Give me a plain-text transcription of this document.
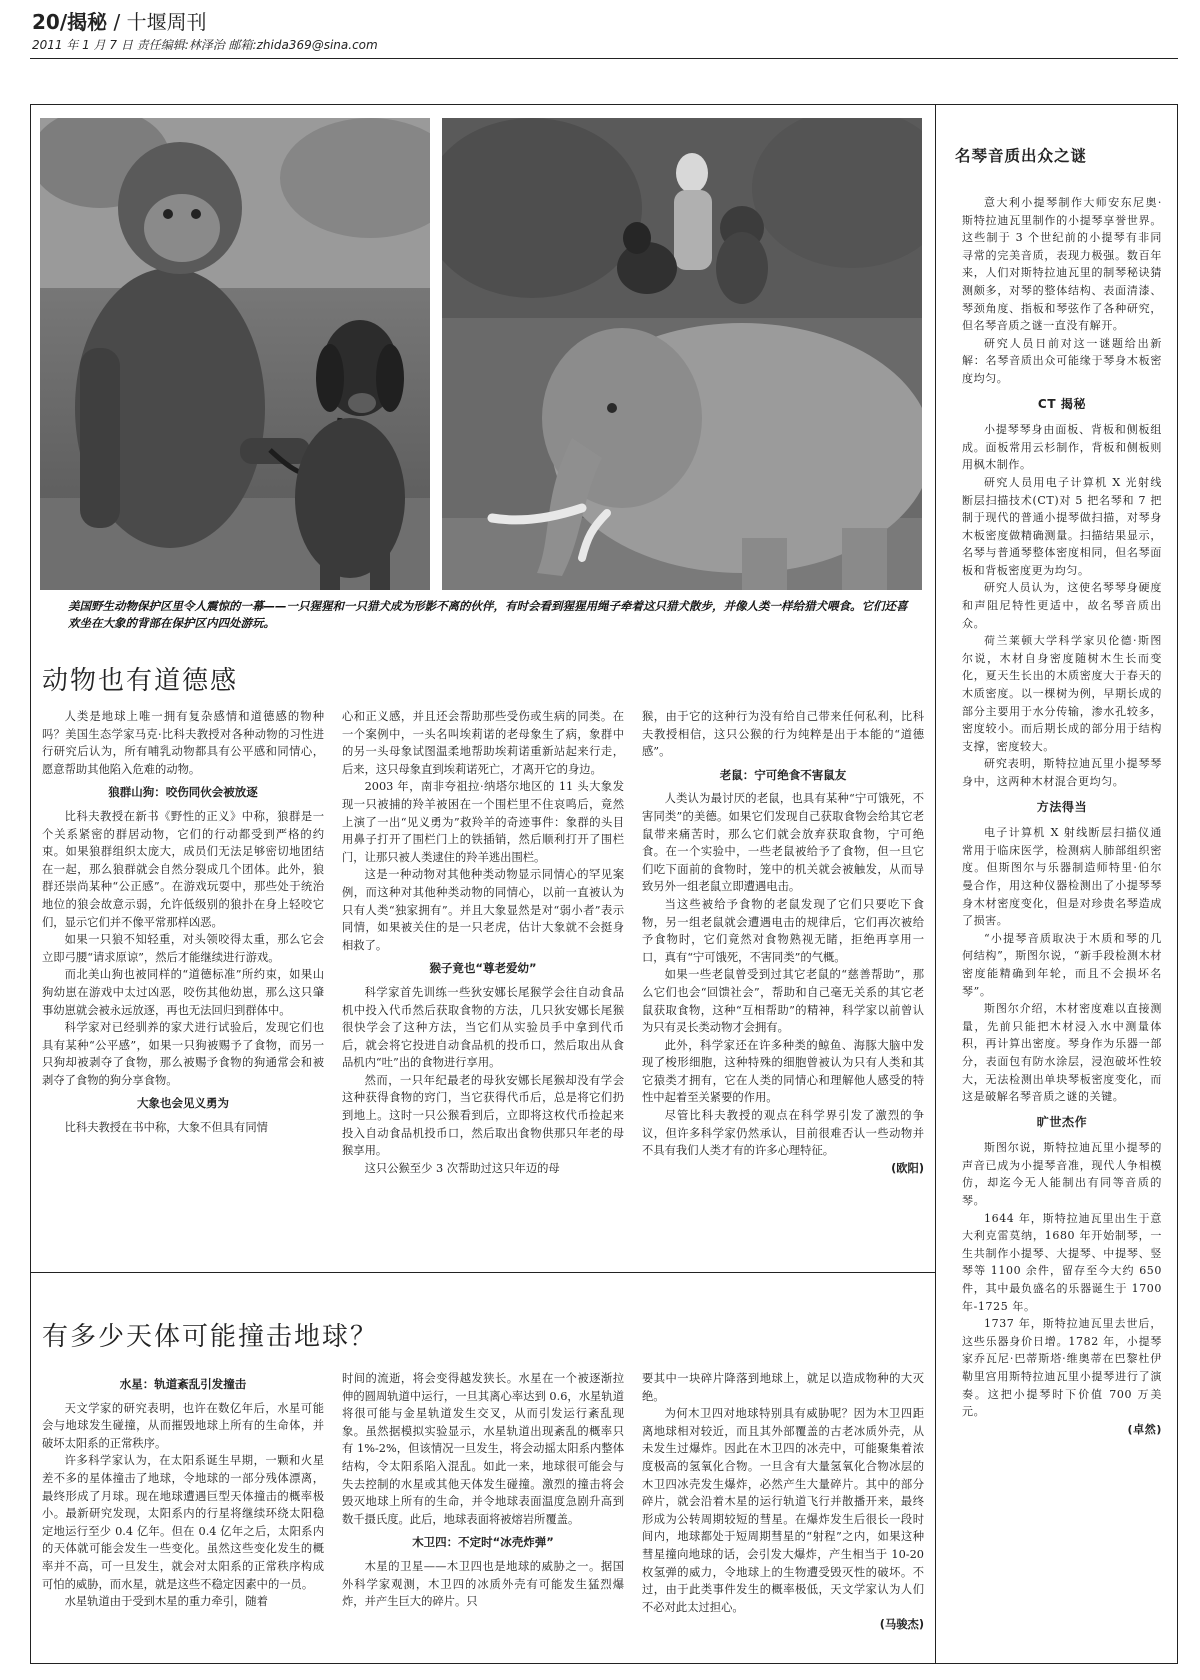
20/揭秘 / 十堰周刊
2011 年 1 月 7 日 责任编辑:林泽治 邮箱:zhida369@sina.com
美国野生动物保护区里令人震惊的一幕——一只猩猩和一只猎犬成为形影不离的伙伴，有时会看到猩猩用绳子牵着这只猎犬散步，并像人类一样给猎犬喂食。它们还喜欢坐在大象的背部在保护区内四处游玩。
动物也有道德感

人类是地球上唯一拥有复杂感情和道德感的物种吗？美国生态学家马克·比科夫教授对各种动物的习性进行研究后认为，所有哺乳动物都具有公平感和同情心，愿意帮助其他陷入危难的动物。

狼群山狗：咬伤同伙会被放逐

比科夫教授在新书《野性的正义》中称，狼群是一个关系紧密的群居动物，它们的行动都受到严格的约束。如果狼群组织太庞大，成员们无法足够密切地团结在一起，那么狼群就会自然分裂成几个团体。此外，狼群还崇尚某种“公正感”。在游戏玩耍中，那些处于统治地位的狼会故意示弱，允许低级别的狼扑在身上轻咬它们，显示它们并不像平常那样凶恶。

如果一只狼不知轻重，对头领咬得太重，那么它会立即弓腰“请求原谅”，然后才能继续进行游戏。

而北美山狗也被同样的“道德标准”所约束，如果山狗幼崽在游戏中太过凶恶，咬伤其他幼崽，那么这只肇事幼崽就会被永远放逐，再也无法回归到群体中。

科学家对已经驯养的家犬进行试验后，发现它们也具有某种“公平感”，如果一只狗被赐予了食物，而另一只狗却被剥夺了食物，那么被赐予食物的狗通常会和被剥夺了食物的狗分享食物。

大象也会见义勇为

比科夫教授在书中称，大象不但具有同情

心和正义感，并且还会帮助那些受伤或生病的同类。在一个案例中，一头名叫埃莉诺的老母象生了病，象群中的另一头母象试图温柔地帮助埃莉诺重新站起来行走，后来，这只母象直到埃莉诺死亡，才离开它的身边。

2003 年，南非夸祖拉·纳塔尔地区的 11 头大象发现一只被捕的羚羊被困在一个围栏里不住哀鸣后，竟然上演了一出“见义勇为”救羚羊的奇迹事件：象群的头目用鼻子打开了围栏门上的铁插销，然后顺利打开了围栏门，让那只被人类逮住的羚羊逃出围栏。

这是一种动物对其他种类动物显示同情心的罕见案例，而这种对其他种类动物的同情心，以前一直被认为只有人类“独家拥有”。并且大象显然是对“弱小者”表示同情，如果被关住的是一只老虎，估计大象就不会挺身相救了。

猴子竟也“尊老爱幼”

科学家首先训练一些狄安娜长尾猴学会往自动食品机中投入代币然后获取食物的方法，几只狄安娜长尾猴很快学会了这种方法，当它们从实验员手中拿到代币后，就会将它投进自动食品机的投币口，然后取出从食品机内“吐”出的食物进行享用。

然而，一只年纪最老的母狄安娜长尾猴却没有学会这种获得食物的窍门，当它获得代币后，总是将它们扔到地上。这时一只公猴看到后，立即将这枚代币捡起来投入自动食品机投币口，然后取出食物供那只年老的母猴享用。

这只公猴至少 3 次帮助过这只年迈的母

猴，由于它的这种行为没有给自己带来任何私利，比科夫教授相信，这只公猴的行为纯粹是出于本能的“道德感”。

老鼠：宁可绝食不害鼠友

人类认为最讨厌的老鼠，也具有某种“宁可饿死，不害同类”的美德。如果它们发现自己获取食物会给其它老鼠带来痛苦时，那么它们就会放弃获取食物，宁可绝食。在一个实验中，一些老鼠被给予了食物，但一旦它们吃下面前的食物时，笼中的机关就会被触发，从而导致另外一组老鼠立即遭遇电击。

当这些被给予食物的老鼠发现了它们只要吃下食物，另一组老鼠就会遭遇电击的规律后，它们再次被给予食物时，它们竟然对食物熟视无睹，拒绝再享用一口，真有“宁可饿死，不害同类”的气概。

如果一些老鼠曾受到过其它老鼠的“慈善帮助”，那么它们也会“回馈社会”，帮助和自己毫无关系的其它老鼠获取食物，这种“互相帮助”的精神，科学家以前曾认为只有灵长类动物才会拥有。

此外，科学家还在许多种类的鲸鱼、海豚大脑中发现了梭形细胞，这种特殊的细胞曾被认为只有人类和其它猿类才拥有，它在人类的同情心和理解他人感受的特性中起着至关紧要的作用。

尽管比科夫教授的观点在科学界引发了激烈的争议，但许多科学家仍然承认，目前很难否认一些动物并不具有我们人类才有的许多心理特征。

(欧阳)
有多少天体可能撞击地球？
水星：轨道紊乱引发撞击

天文学家的研究表明，也许在数亿年后，水星可能会与地球发生碰撞，从而摧毁地球上所有的生命体，并破坏太阳系的正常秩序。

许多科学家认为，在太阳系诞生早期，一颗和火星差不多的星体撞击了地球，令地球的一部分残体漂离，最终形成了月球。现在地球遭遇巨型天体撞击的概率极小。最新研究发现，太阳系内的行星将继续环绕太阳稳定地运行至少 0.4 亿年。但在 0.4 亿年之后，太阳系内的天体就可能会发生一些变化。虽然这些变化发生的概率并不高，可一旦发生，就会对太阳系的正常秩序构成可怕的威胁，而水星，就是这些不稳定因素中的一员。

水星轨道由于受到木星的重力牵引，随着

时间的流逝，将会变得越发狭长。水星在一个被逐渐拉伸的圆周轨道中运行，一旦其离心率达到 0.6，水星轨道将很可能与金星轨道发生交叉，从而引发运行紊乱现象。虽然据模拟实验显示，水星轨道出现紊乱的概率只有 1%-2%，但该情况一旦发生，将会动摇太阳系内整体结构，令太阳系陷入混乱。如此一来，地球很可能会与失去控制的水星或其他天体发生碰撞。激烈的撞击将会毁灭地球上所有的生命，并令地球表面温度急剧升高到数千摄氏度。此后，地球表面将被熔岩所覆盖。

木卫四：不定时“冰壳炸弹”

木星的卫星——木卫四也是地球的威胁之一。据国外科学家观测，木卫四的冰质外壳有可能发生猛烈爆炸，并产生巨大的碎片。只

要其中一块碎片降落到地球上，就足以造成物种的大灭绝。

为何木卫四对地球特别具有威胁呢？因为木卫四距离地球相对较近，而且其外部覆盖的古老冰质外壳，从未发生过爆炸。因此在木卫四的冰壳中，可能聚集着浓度极高的氢氧化合物。一旦含有大量氢氧化合物冰层的木卫四冰壳发生爆炸，必然产生大量碎片。其中的部分碎片，就会沿着木星的运行轨道飞行并散播开来，最终形成为公转周期较短的彗星。在爆炸发生后很长一段时间内，地球都处于短周期彗星的“射程”之内，如果这种彗星撞向地球的话，会引发大爆炸，产生相当于 10-20 枚氢弹的威力，令地球上的生物遭受毁灭性的破坏。不过，由于此类事件发生的概率极低，天文学家认为人们不必对此太过担心。

(马骏杰)
名琴音质出众之谜

意大利小提琴制作大师安东尼奥·斯特拉迪瓦里制作的小提琴享誉世界。这些制于 3 个世纪前的小提琴有非同寻常的完美音质，表现力极强。数百年来，人们对斯特拉迪瓦里的制琴秘诀猜测颇多，对琴的整体结构、表面清漆、琴颈角度、指板和琴弦作了各种研究，但名琴音质之谜一直没有解开。

研究人员日前对这一谜题给出新解：名琴音质出众可能缘于琴身木板密度均匀。

CT 揭秘

小提琴琴身由面板、背板和侧板组成。面板常用云杉制作，背板和侧板则用枫木制作。

研究人员用电子计算机 X 光射线断层扫描技术(CT)对 5 把名琴和 7 把制于现代的普通小提琴做扫描，对琴身木板密度做精确测量。扫描结果显示，名琴与普通琴整体密度相同，但名琴面板和背板密度更为均匀。

研究人员认为，这使名琴琴身硬度和声阻尼特性更适中，故名琴音质出众。

荷兰莱顿大学科学家贝伦德·斯图尔说，木材自身密度随树木生长而变化，夏天生长出的木质密度大于春天的木质密度。以一棵树为例，早期长成的部分主要用于水分传输，渗水孔较多，密度较小。而后期长成的部分用于结构支撑，密度较大。

研究表明，斯特拉迪瓦里小提琴琴身中，这两种木材混合更均匀。

方法得当

电子计算机 X 射线断层扫描仪通常用于临床医学，检测病人肺部组织密度。但斯图尔与乐器制造师特里·伯尔曼合作，用这种仪器检测出了小提琴琴身木材密度变化，但是对珍贵名琴造成了损害。

“小提琴音质取决于木质和琴的几何结构”，斯图尔说，“新手段检测木材密度能精确到年轮，而且不会损坏名琴”。

斯图尔介绍，木材密度难以直接测量，先前只能把木材浸入水中测量体积，再计算出密度。琴身作为乐器一部分，表面包有防水涂层，浸泡破坏性较大，无法检测出单块琴板密度变化，而这是破解名琴音质之谜的关键。

旷世杰作

斯图尔说，斯特拉迪瓦里小提琴的声音已成为小提琴音准，现代人争相模仿，却迄今无人能制出有同等音质的琴。

1644 年，斯特拉迪瓦里出生于意大利克雷莫纳，1680 年开始制琴，一生共制作小提琴、大提琴、中提琴、竖琴等 1100 余件，留存至今大约 650 件，其中最负盛名的乐器诞生于 1700 年-1725 年。

1737 年，斯特拉迪瓦里去世后，这些乐器身价日增。1782 年，小提琴家乔瓦尼·巴蒂斯塔·维奥蒂在巴黎杜伊勒里宫用斯特拉迪瓦里小提琴进行了演奏。这把小提琴时下价值 700 万美元。

(卓然)
